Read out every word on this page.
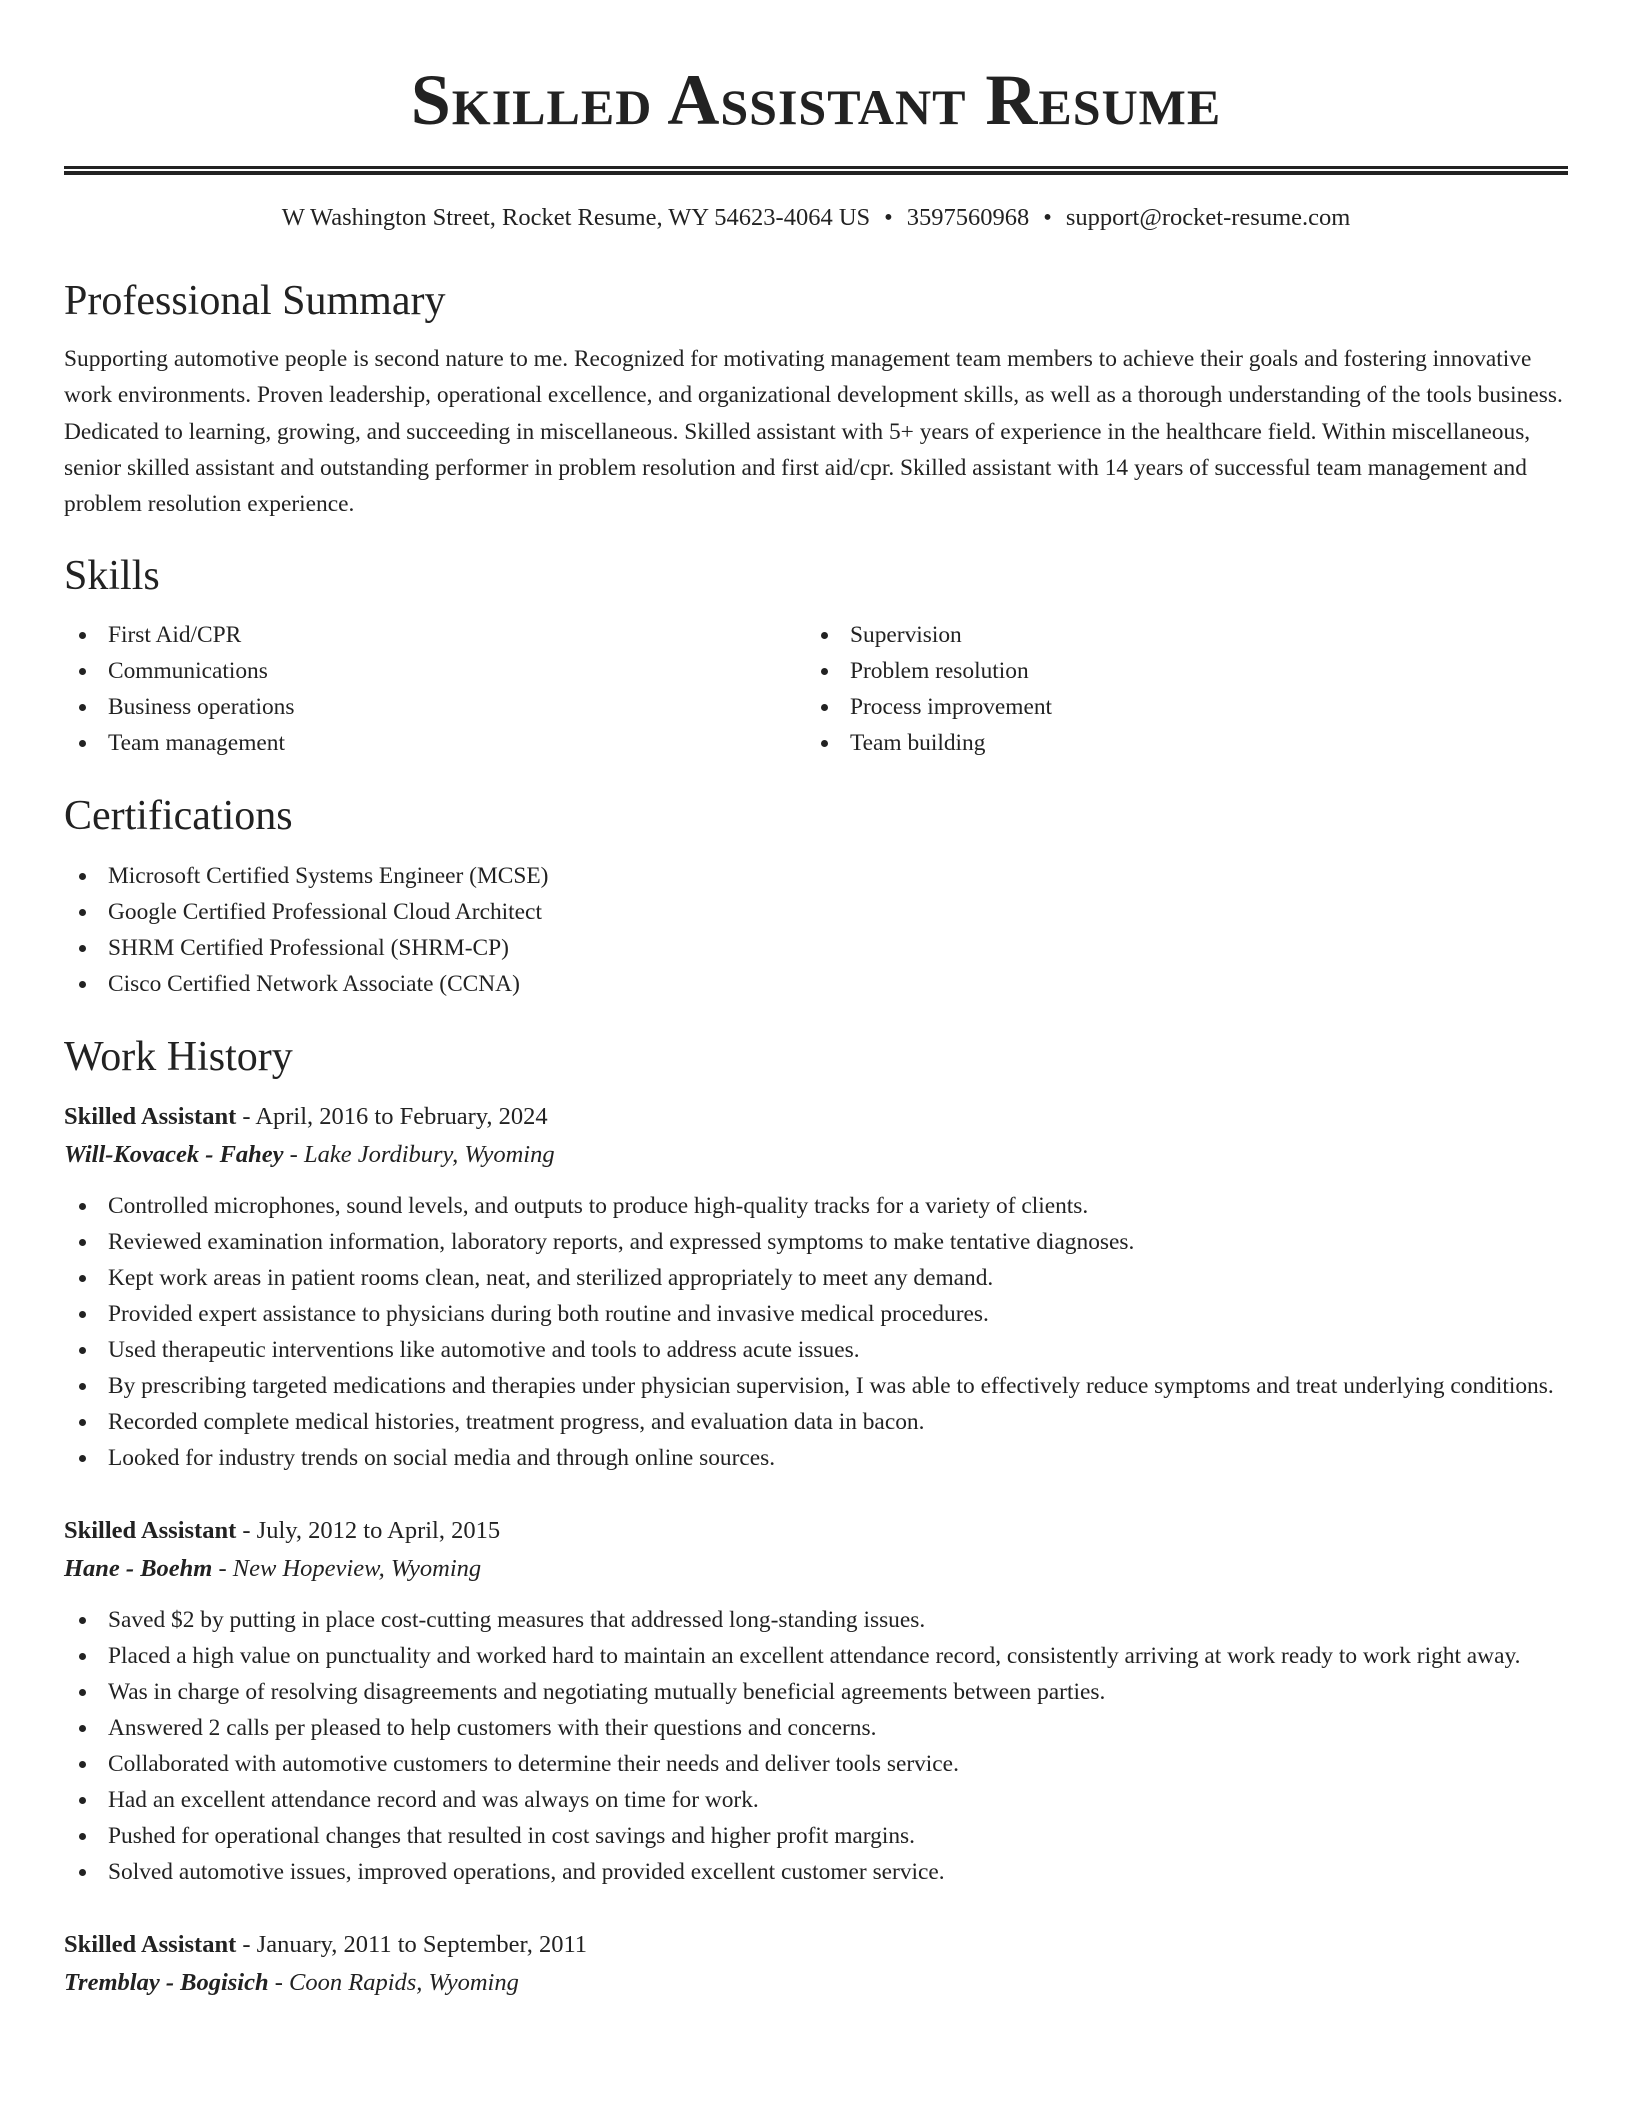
Skilled Assistant Resume
W Washington Street, Rocket Resume, WY 54623-4064 US • 3597560968 • support@rocket-resume.com
Professional Summary

Supporting automotive people is second nature to me. Recognized for motivating management team members to achieve their goals and fostering innovative work environments. Proven leadership, operational excellence, and organizational development skills, as well as a thorough understanding of the tools business. Dedicated to learning, growing, and succeeding in miscellaneous. Skilled assistant with 5+ years of experience in the healthcare field. Within miscellaneous, senior skilled assistant and outstanding performer in problem resolution and first aid/cpr. Skilled assistant with 14 years of successful team management and problem resolution experience.

Skills
First Aid/CPR
Communications
Business operations
Team management
Supervision
Problem resolution
Process improvement
Team building
Certifications
Microsoft Certified Systems Engineer (MCSE)
Google Certified Professional Cloud Architect
SHRM Certified Professional (SHRM-CP)
Cisco Certified Network Associate (CCNA)
Work History
Skilled Assistant - April, 2016 to February, 2024
Will-Kovacek - Fahey - Lake Jordibury, Wyoming
Controlled microphones, sound levels, and outputs to produce high-quality tracks for a variety of clients.
Reviewed examination information, laboratory reports, and expressed symptoms to make tentative diagnoses.
Kept work areas in patient rooms clean, neat, and sterilized appropriately to meet any demand.
Provided expert assistance to physicians during both routine and invasive medical procedures.
Used therapeutic interventions like automotive and tools to address acute issues.
By prescribing targeted medications and therapies under physician supervision, I was able to effectively reduce symptoms and treat underlying conditions.
Recorded complete medical histories, treatment progress, and evaluation data in bacon.
Looked for industry trends on social media and through online sources.
Skilled Assistant - July, 2012 to April, 2015
Hane - Boehm - New Hopeview, Wyoming
Saved $2 by putting in place cost-cutting measures that addressed long-standing issues.
Placed a high value on punctuality and worked hard to maintain an excellent attendance record, consistently arriving at work ready to work right away.
Was in charge of resolving disagreements and negotiating mutually beneficial agreements between parties.
Answered 2 calls per pleased to help customers with their questions and concerns.
Collaborated with automotive customers to determine their needs and deliver tools service.
Had an excellent attendance record and was always on time for work.
Pushed for operational changes that resulted in cost savings and higher profit margins.
Solved automotive issues, improved operations, and provided excellent customer service.
Skilled Assistant - January, 2011 to September, 2011
Tremblay - Bogisich - Coon Rapids, Wyoming
